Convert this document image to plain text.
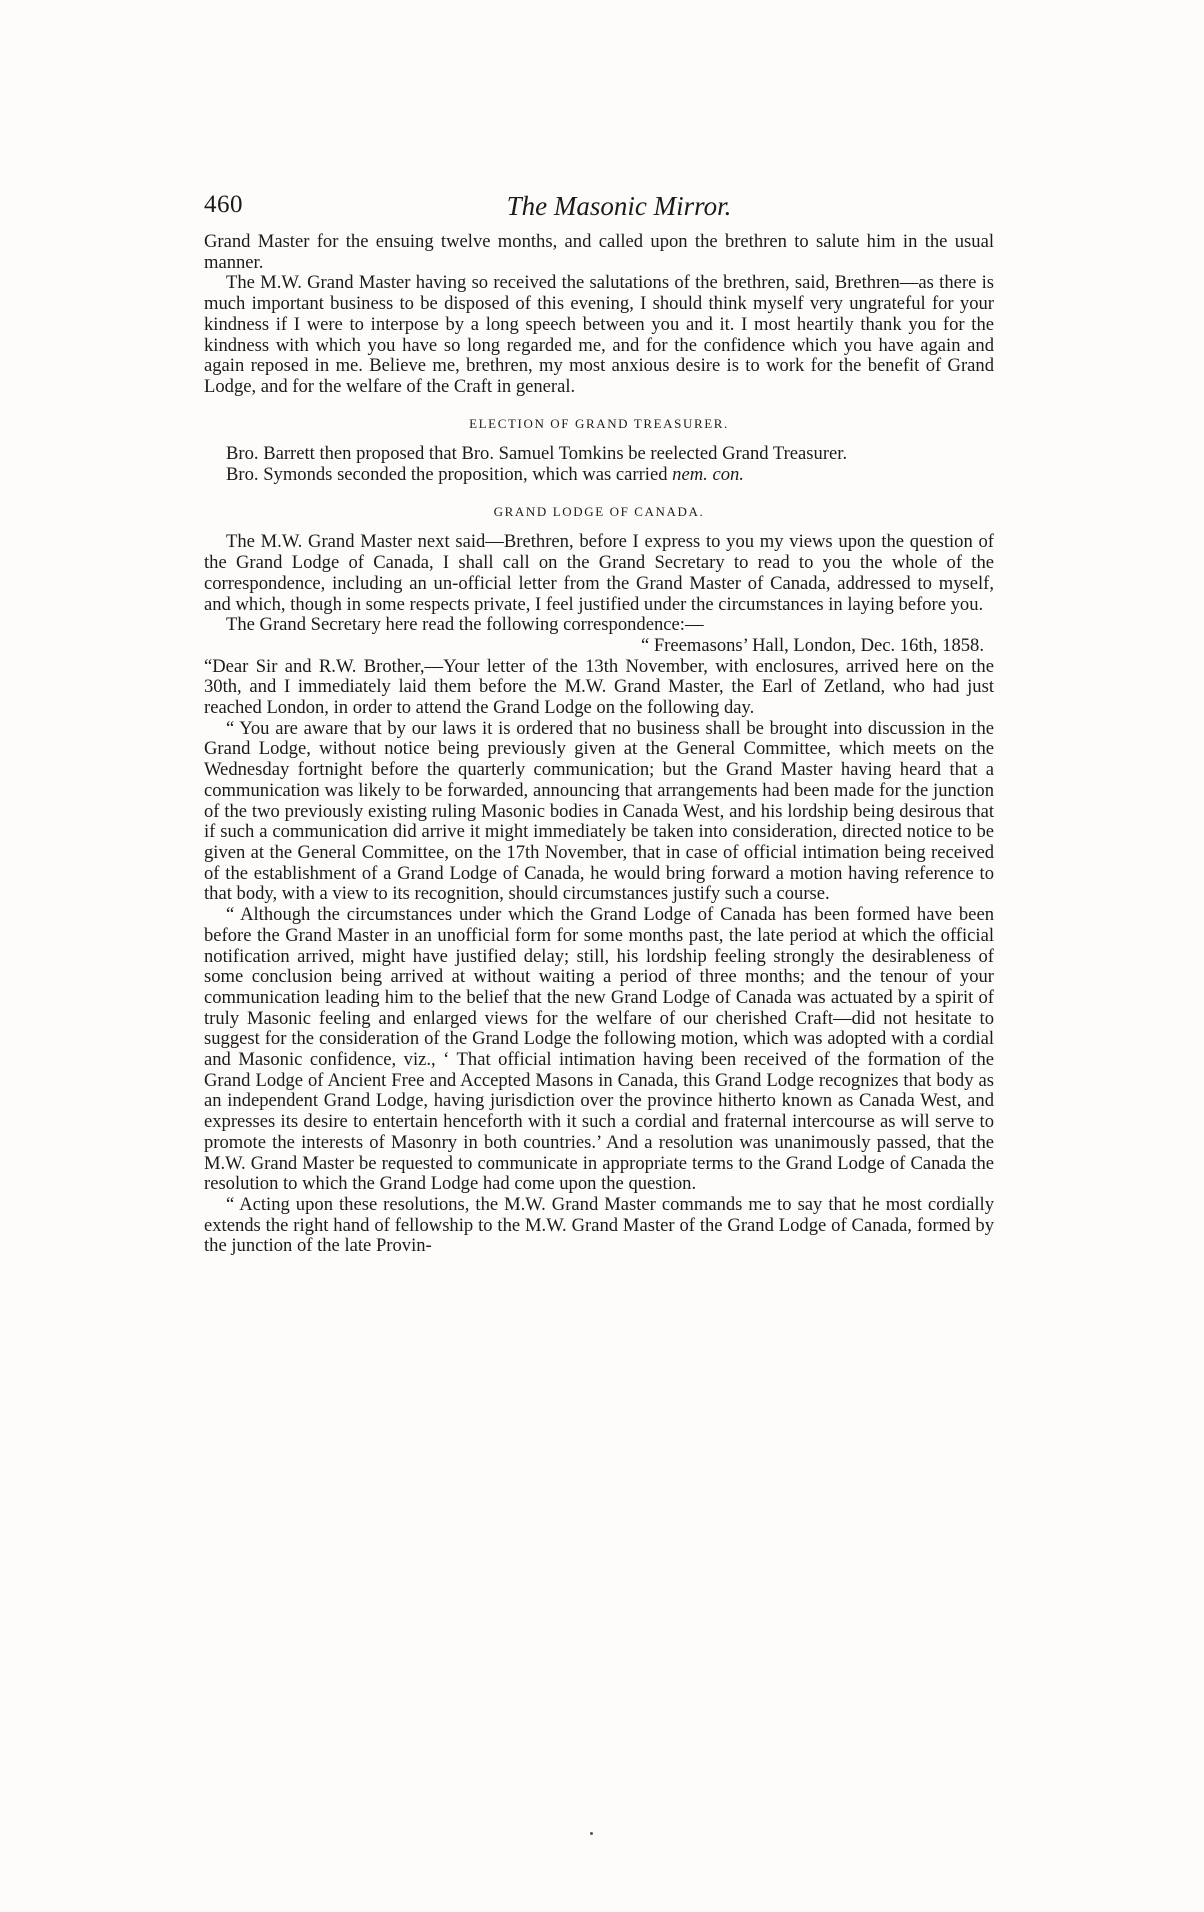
460	The Masonic Mirror.

Grand Master for the ensuing twelve months, and called upon the brethren to salute him in the usual manner.

The M.W. Grand Master having so received the salutations of the brethren, said, Brethren—as there is much important business to be disposed of this evening, I should think myself very ungrateful for your kindness if I were to interpose by a long speech between you and it. I most heartily thank you for the kindness with which you have so long regarded me, and for the confidence which you have again and again reposed in me. Believe me, brethren, my most anxious desire is to work for the benefit of Grand Lodge, and for the welfare of the Craft in general.

ELECTION OF GRAND TREASURER.

Bro. Barrett then proposed that Bro. Samuel Tomkins be reelected Grand Treasurer.

Bro. Symonds seconded the proposition, which was carried nem. con.

GRAND LODGE OF CANADA.

The M.W. Grand Master next said—Brethren, before I express to you my views upon the question of the Grand Lodge of Canada, I shall call on the Grand Secretary to read to you the whole of the correspondence, including an un-official letter from the Grand Master of Canada, addressed to myself, and which, though in some respects private, I feel justified under the circumstances in laying before you.

The Grand Secretary here read the following correspondence:—

“ Freemasons’ Hall, London, Dec. 16th, 1858.

“Dear Sir and R.W. Brother,—Your letter of the 13th November, with enclosures, arrived here on the 30th, and I immediately laid them before the M.W. Grand Master, the Earl of Zetland, who had just reached London, in order to attend the Grand Lodge on the following day.

“ You are aware that by our laws it is ordered that no business shall be brought into discussion in the Grand Lodge, without notice being previously given at the General Committee, which meets on the Wednesday fortnight before the quarterly communication; but the Grand Master having heard that a communication was likely to be forwarded, announcing that arrangements had been made for the junction of the two previously existing ruling Masonic bodies in Canada West, and his lordship being desirous that if such a communication did arrive it might immediately be taken into consideration, directed notice to be given at the General Committee, on the 17th November, that in case of official intimation being received of the establishment of a Grand Lodge of Canada, he would bring forward a motion having reference to that body, with a view to its recognition, should circumstances justify such a course.

“ Although the circumstances under which the Grand Lodge of Canada has been formed have been before the Grand Master in an unofficial form for some months past, the late period at which the official notification arrived, might have justified delay; still, his lordship feeling strongly the desirableness of some conclusion being arrived at without waiting a period of three months; and the tenour of your communication leading him to the belief that the new Grand Lodge of Canada was actuated by a spirit of truly Masonic feeling and enlarged views for the welfare of our cherished Craft—did not hesitate to suggest for the consideration of the Grand Lodge the following motion, which was adopted with a cordial and Masonic confidence, viz., ‘ That official intimation having been received of the formation of the Grand Lodge of Ancient Free and Accepted Masons in Canada, this Grand Lodge recognizes that body as an independent Grand Lodge, having jurisdiction over the province hitherto known as Canada West, and expresses its desire to entertain henceforth with it such a cordial and fraternal intercourse as will serve to promote the interests of Masonry in both countries.’ And a resolution was unanimously passed, that the M.W. Grand Master be requested to communicate in appropriate terms to the Grand Lodge of Canada the resolution to which the Grand Lodge had come upon the question.

“ Acting upon these resolutions, the M.W. Grand Master commands me to say that he most cordially extends the right hand of fellowship to the M.W. Grand Master of the Grand Lodge of Canada, formed by the junction of the late Provin-
